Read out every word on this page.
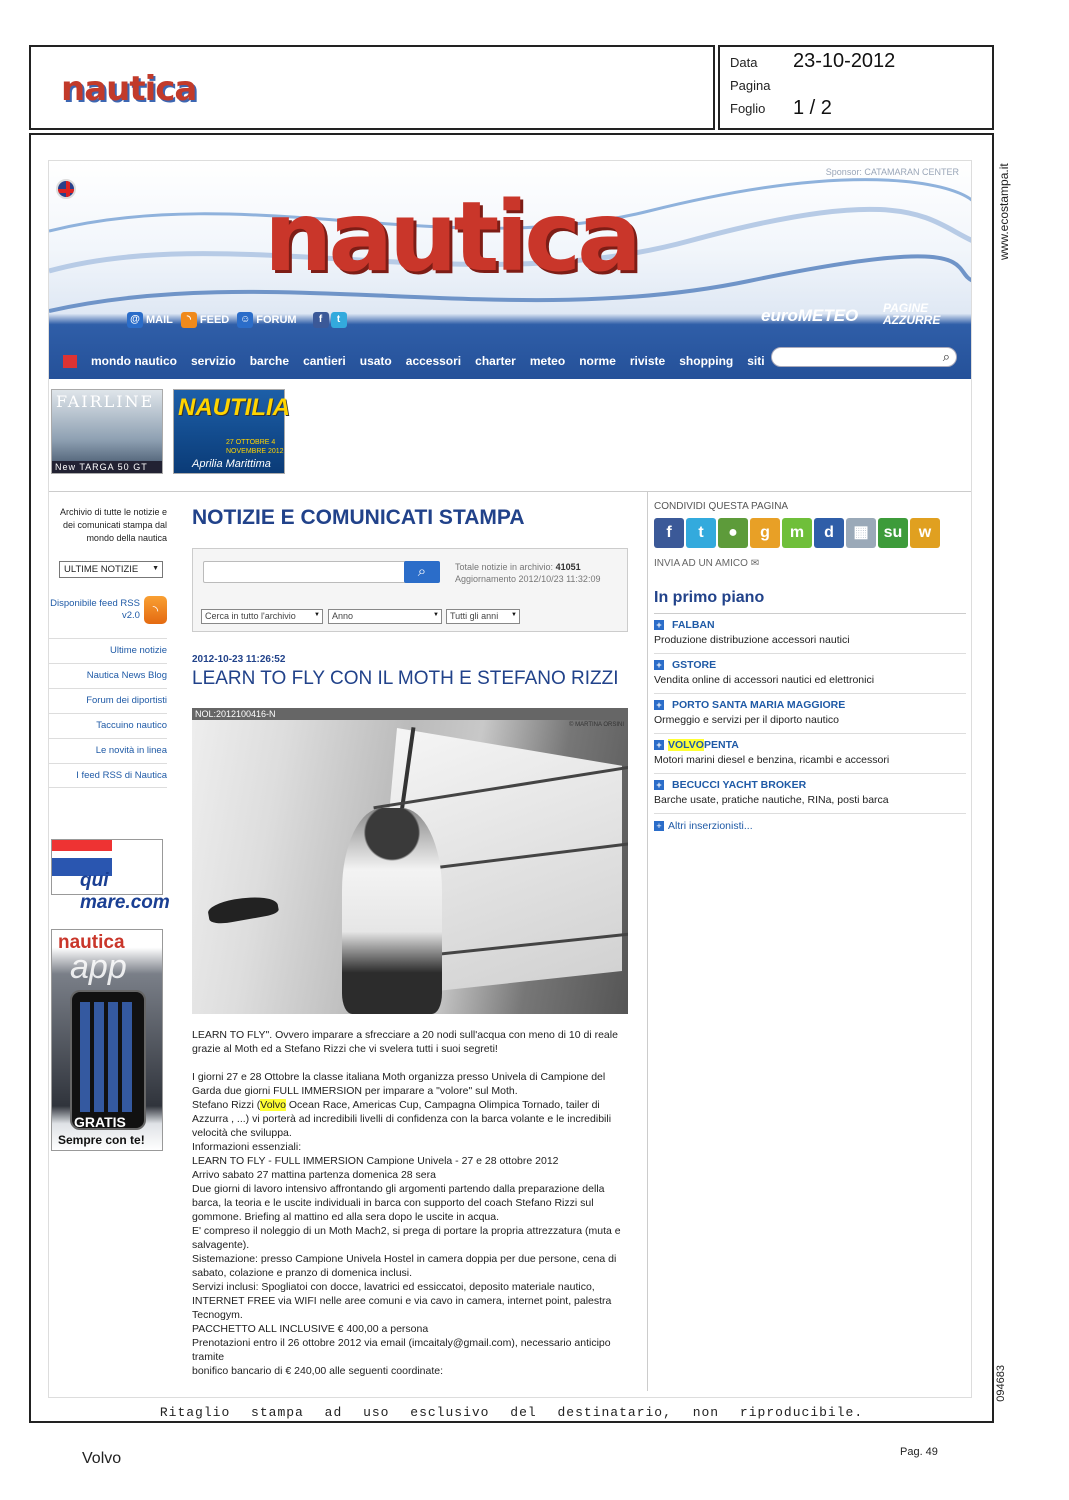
nautica
Data 23-10-2012
Pagina
Foglio 1 / 2
www.ecostampa.it
094683
Ritaglio stampa ad uso esclusivo del destinatario, non riproducibile.
Volvo	Pag. 49
Sponsor: CATAMARAN CENTER
nautica
@ MAIL	◝ FEED ☺ FORUM	f	t	euroMETEO PAGINE AZZURRE
mondo nautico servizio barche cantieri usato accessori charter meteo norme riviste shopping siti	⌕
FAIRLINE
New TARGA 50 GT
NAUTILIA
27 OTTOBRE 4 NOVEMBRE 2012
Aprilia Marittima
Archivio di tutte le notizie e dei comunicati stampa dal mondo della nautica
ULTIME NOTIZIE ▼
Disponibile feed RSS v2.0 ◝
Ultime notizie
Nautica News Blog
Forum dei diportisti
Taccuino nautico
Le novità in linea
I feed RSS di Nautica
qui mare.com
nautica
app
GRATIS
Sempre con te!
NOTIZIE E COMUNICATI STAMPA
⌕	Totale notizie in archivio: 41051
Aggiornamento 2012/10/23 11:32:09
Cerca in tutto l'archivio ▼	Anno ▼	Tutti gli anni ▼
2012-10-23 11:26:52
LEARN TO FLY CON IL MOTH E STEFANO RIZZI
NOL:2012100416-N
© MARTINA ORSINI

LEARN TO FLY". Ovvero imparare a sfrecciare a 20 nodi sull'acqua con meno di 10 di reale grazie al Moth ed a Stefano Rizzi che vi svelera tutti i suoi segreti!

I giorni 27 e 28 Ottobre la classe italiana Moth organizza presso Univela di Campione del Garda due giorni FULL IMMERSION per imparare a "volore" sul Moth.

Stefano Rizzi (Volvo Ocean Race, Americas Cup, Campagna Olimpica Tornado, tailer di Azzurra , ...) vi porterà ad incredibili livelli di confidenza con la barca volante e le incredibili velocità che sviluppa.

Informazioni essenziali:

LEARN TO FLY - FULL IMMERSION Campione Univela - 27 e 28 ottobre 2012

Arrivo sabato 27 mattina partenza domenica 28 sera

Due giorni di lavoro intensivo affrontando gli argomenti partendo dalla preparazione della barca, la teoria e le uscite individuali in barca con supporto del coach Stefano Rizzi sul gommone. Briefing al mattino ed alla sera dopo le uscite in acqua.

E' compreso il noleggio di un Moth Mach2, si prega di portare la propria attrezzatura (muta e salvagente).

Sistemazione: presso Campione Univela Hostel in camera doppia per due persone, cena di sabato, colazione e pranzo di domenica inclusi.

Servizi inclusi: Spogliatoi con docce, lavatrici ed essiccatoi, deposito materiale nautico, INTERNET FREE via WIFI nelle aree comuni e via cavo in camera, internet point, palestra Tecnogym.

PACCHETTO ALL INCLUSIVE € 400,00 a persona

Prenotazioni entro il 26 ottobre 2012 via email (imcaitaly@gmail.com), necessario anticipo tramite

bonifico bancario di € 240,00 alle seguenti coordinate:

CONDIVIDI QUESTA PAGINA
f	t	●	g	m	d	▦ su	w
INVIA AD UN AMICO ✉
In primo piano
+ FALBAN
Produzione distribuzione accessori nautici
+ GSTORE
Vendita online di accessori nautici ed elettronici
+ PORTO SANTA MARIA MAGGIORE
Ormeggio e servizi per il diporto nautico
+ VOLVO PENTA
Motori marini diesel e benzina, ricambi e accessori
+ BECUCCI YACHT BROKER
Barche usate, pratiche nautiche, RINa, posti barca
+ Altri inserzionisti...
